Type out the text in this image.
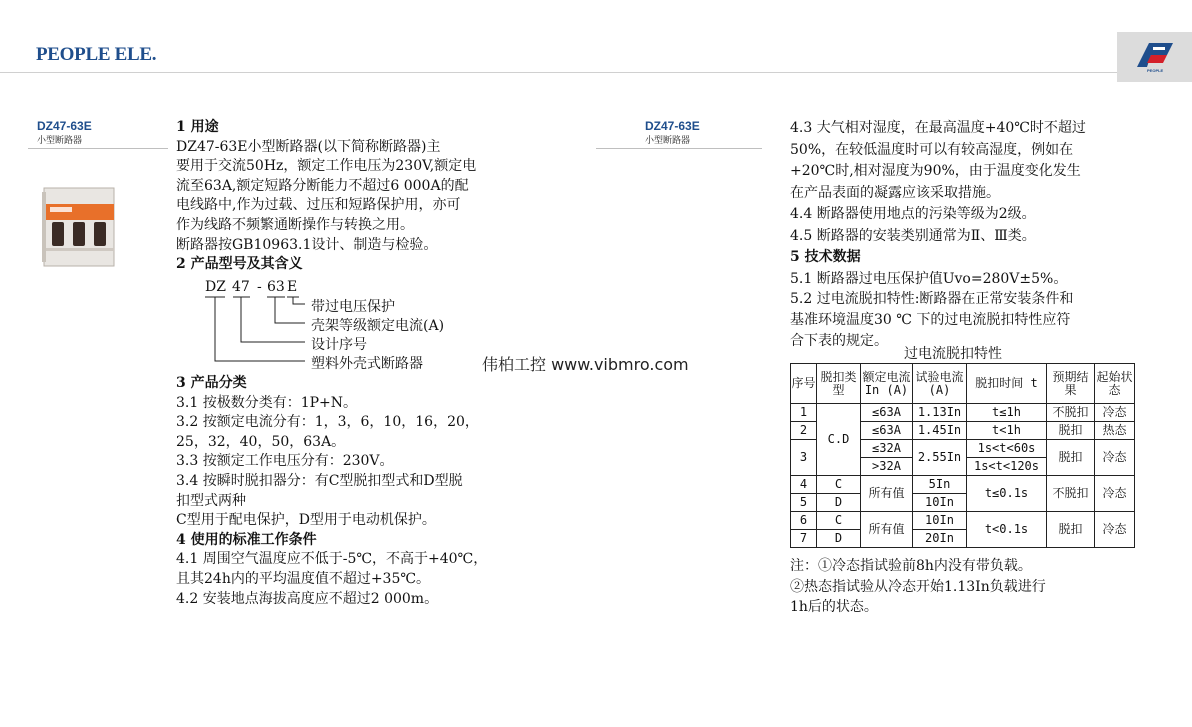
PEOPLE ELE.
PEOPLE
DZ47-63E
小型断路器
DZ47-63E
小型断路器
1 用途
DZ47-63E小型断路器(以下简称断路器)主
要用于交流50Hz，额定工作电压为230V,额定电
流至63A,额定短路分断能力不超过6 000A的配
电线路中,作为过载、过压和短路保护用，亦可
作为线路不频繁通断操作与转换之用。
断路器按GB10963.1设计、制造与检验。
2 产品型号及其含义
DZ 47 - 63 E
带过电压保护
壳架等级额定电流(A)
设计序号
塑料外壳式断路器	伟柏工控 www.vibmro.com
3 产品分类
3.1 按极数分类有：1P+N。
3.2 按额定电流分有：1，3，6，10，16，20，
25，32，40，50，63A。
3.3 按额定工作电压分有：230V。
3.4 按瞬时脱扣器分：有C型脱扣型式和D型脱
扣型式两种
C型用于配电保护，D型用于电动机保护。
4 使用的标准工作条件
4.1 周围空气温度应不低于-5℃，不高于+40℃，
且其24h内的平均温度值不超过+35℃。
4.2 安装地点海拔高度应不超过2 000m。
4.3 大气相对湿度，在最高温度+40℃时不超过
50%，在较低温度时可以有较高湿度，例如在
+20℃时,相对湿度为90%，由于温度变化发生
在产品表面的凝露应该采取措施。
4.4 断路器使用地点的污染等级为2级。
4.5 断路器的安装类别通常为Ⅱ、Ⅲ类。
5 技术数据
5.1 断路器过电压保护值Uvo=280V±5%。
5.2 过电流脱扣特性:断路器在正常安装条件和
基准环境温度30 ℃ 下的过电流脱扣特性应符
合下表的规定。
过电流脱扣特性
序号	脱扣类型	额定电流In (A)	试验电流 (A)	脱扣时间 t	预期结果	起始状态
1	C.D	≤63A	1.13In	t≤1h	不脱扣	冷态
2		≤63A	1.45In	t<1h	脱扣	热态
3		≤32A	2.55In	1s<t<60s	脱扣	冷态
		>32A		1s<t<120s		
4	C	所有值	5In	t≤0.1s	不脱扣	冷态
5	D		10In			
6	C	所有值	10In	t<0.1s	脱扣	冷态
7	D		20In			
注：①冷态指试验前8h内没有带负载。
②热态指试验从冷态开始1.13In负载进行
1h后的状态。
